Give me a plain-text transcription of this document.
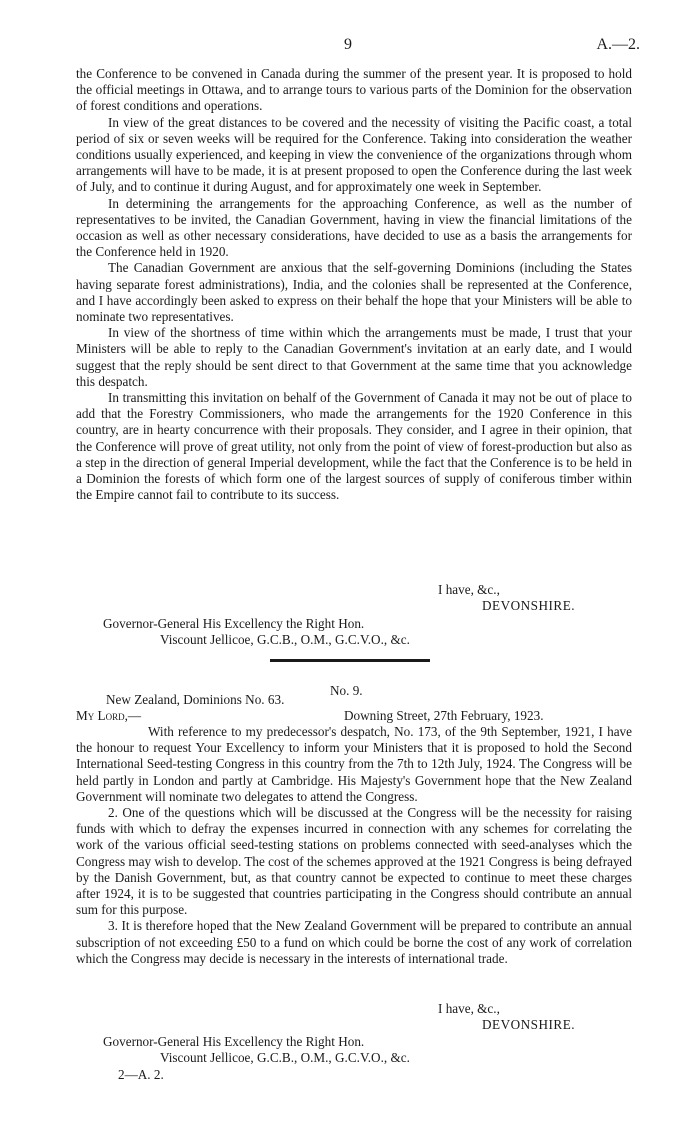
9	A.—2.

the Conference to be convened in Canada during the summer of the present year. It is proposed to hold the official meetings in Ottawa, and to arrange tours to various parts of the Dominion for the observation of forest conditions and operations.

In view of the great distances to be covered and the necessity of visiting the Pacific coast, a total period of six or seven weeks will be required for the Conference. Taking into consideration the weather conditions usually experienced, and keeping in view the convenience of the organizations through whom arrangements will have to be made, it is at present proposed to open the Conference during the last week of July, and to continue it during August, and for approximately one week in September.

In determining the arrangements for the approaching Conference, as well as the number of representatives to be invited, the Canadian Government, having in view the financial limitations of the occasion as well as other necessary considerations, have decided to use as a basis the arrangements for the Conference held in 1920.

The Canadian Government are anxious that the self-governing Dominions (including the States having separate forest administrations), India, and the colonies shall be represented at the Conference, and I have accordingly been asked to express on their behalf the hope that your Ministers will be able to nominate two representatives.

In view of the shortness of time within which the arrangements must be made, I trust that your Ministers will be able to reply to the Canadian Government's invitation at an early date, and I would suggest that the reply should be sent direct to that Government at the same time that you acknowledge this despatch.

In transmitting this invitation on behalf of the Government of Canada it may not be out of place to add that the Forestry Commissioners, who made the arrangements for the 1920 Conference in this country, are in hearty concurrence with their proposals. They consider, and I agree in their opinion, that the Conference will prove of great utility, not only from the point of view of forest-production but also as a step in the direction of general Imperial development, while the fact that the Conference is to be held in a Dominion the forests of which form one of the largest sources of supply of coniferous timber within the Empire cannot fail to contribute to its success.

I have, &c.,
DEVONSHIRE.
Governor-General His Excellency the Right Hon.
Viscount Jellicoe, G.C.B., O.M., G.C.V.O., &c.
No. 9.
New Zealand, Dominions No. 63.
My Lord,—	Downing Street, 27th February, 1923.

With reference to my predecessor's despatch, No. 173, of the 9th September, 1921, I have the honour to request Your Excellency to inform your Ministers that it is proposed to hold the Second International Seed-testing Congress in this country from the 7th to 12th July, 1924. The Congress will be held partly in London and partly at Cambridge. His Majesty's Government hope that the New Zealand Government will nominate two delegates to attend the Congress.

2. One of the questions which will be discussed at the Congress will be the necessity for raising funds with which to defray the expenses incurred in connection with any schemes for correlating the work of the various official seed-testing stations on problems connected with seed-analyses which the Congress may wish to develop. The cost of the schemes approved at the 1921 Congress is being defrayed by the Danish Government, but, as that country cannot be expected to continue to meet these charges after 1924, it is to be suggested that countries participating in the Congress should contribute an annual sum for this purpose.

3. It is therefore hoped that the New Zealand Government will be prepared to contribute an annual subscription of not exceeding £50 to a fund on which could be borne the cost of any work of correlation which the Congress may decide is necessary in the interests of international trade.

I have, &c.,
DEVONSHIRE.
Governor-General His Excellency the Right Hon.
Viscount Jellicoe, G.C.B., O.M., G.C.V.O., &c.
2—A. 2.
